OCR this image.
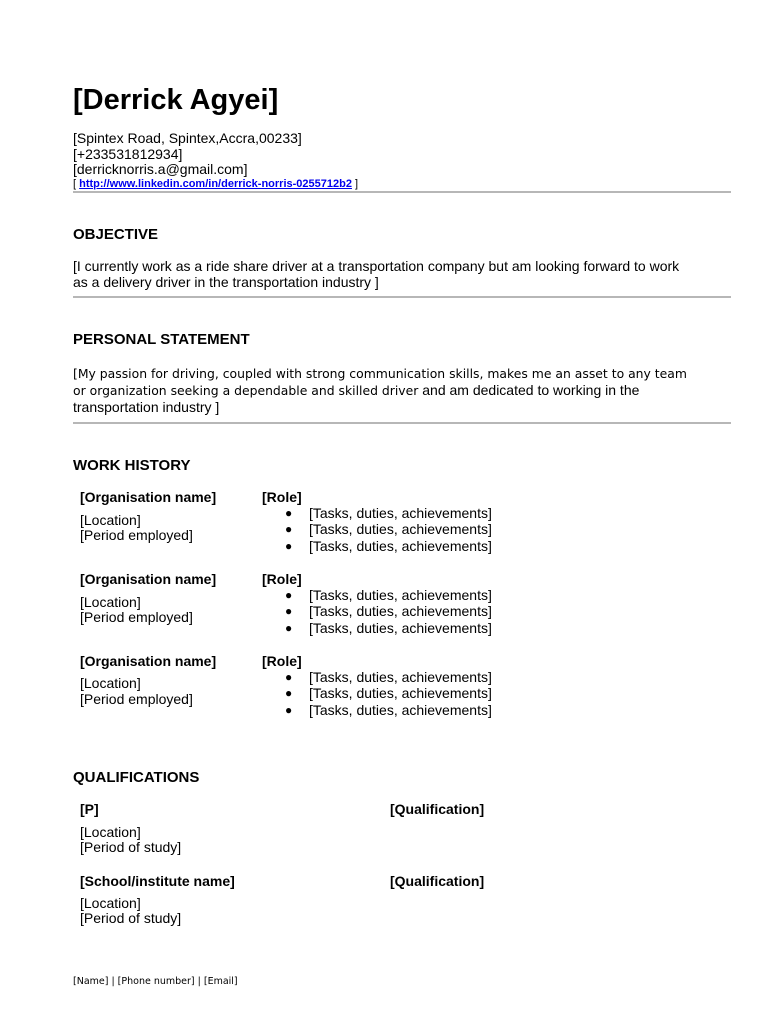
[Derrick Agyei]
[Spintex Road, Spintex,Accra,00233]
[+233531812934]
[derricknorris.a@gmail.com]
[ http://www.linkedin.com/in/derrick-norris-0255712b2 ]
OBJECTIVE
[I currently work as a ride share driver at a transportation company but am looking forward to work
as a delivery driver in the transportation industry ]
PERSONAL STATEMENT
[My passion for driving, coupled with strong communication skills, makes me an asset to any team
or organization seeking a dependable and skilled driver and am dedicated to working in the
transportation industry ]
WORK HISTORY
[Organisation name]
[Location]
[Period employed]
[Role]
● [Tasks, duties, achievements]
● [Tasks, duties, achievements]
● [Tasks, duties, achievements]
[Organisation name]
[Location]
[Period employed]
[Role]
● [Tasks, duties, achievements]
● [Tasks, duties, achievements]
● [Tasks, duties, achievements]
[Organisation name]
[Location]
[Period employed]
[Role]
● [Tasks, duties, achievements]
● [Tasks, duties, achievements]
● [Tasks, duties, achievements]
QUALIFICATIONS
[P]
[Location]
[Period of study]
[Qualification]
[School/institute name]
[Location]
[Period of study]
[Qualification]
[Name] | [Phone number] | [Email]
